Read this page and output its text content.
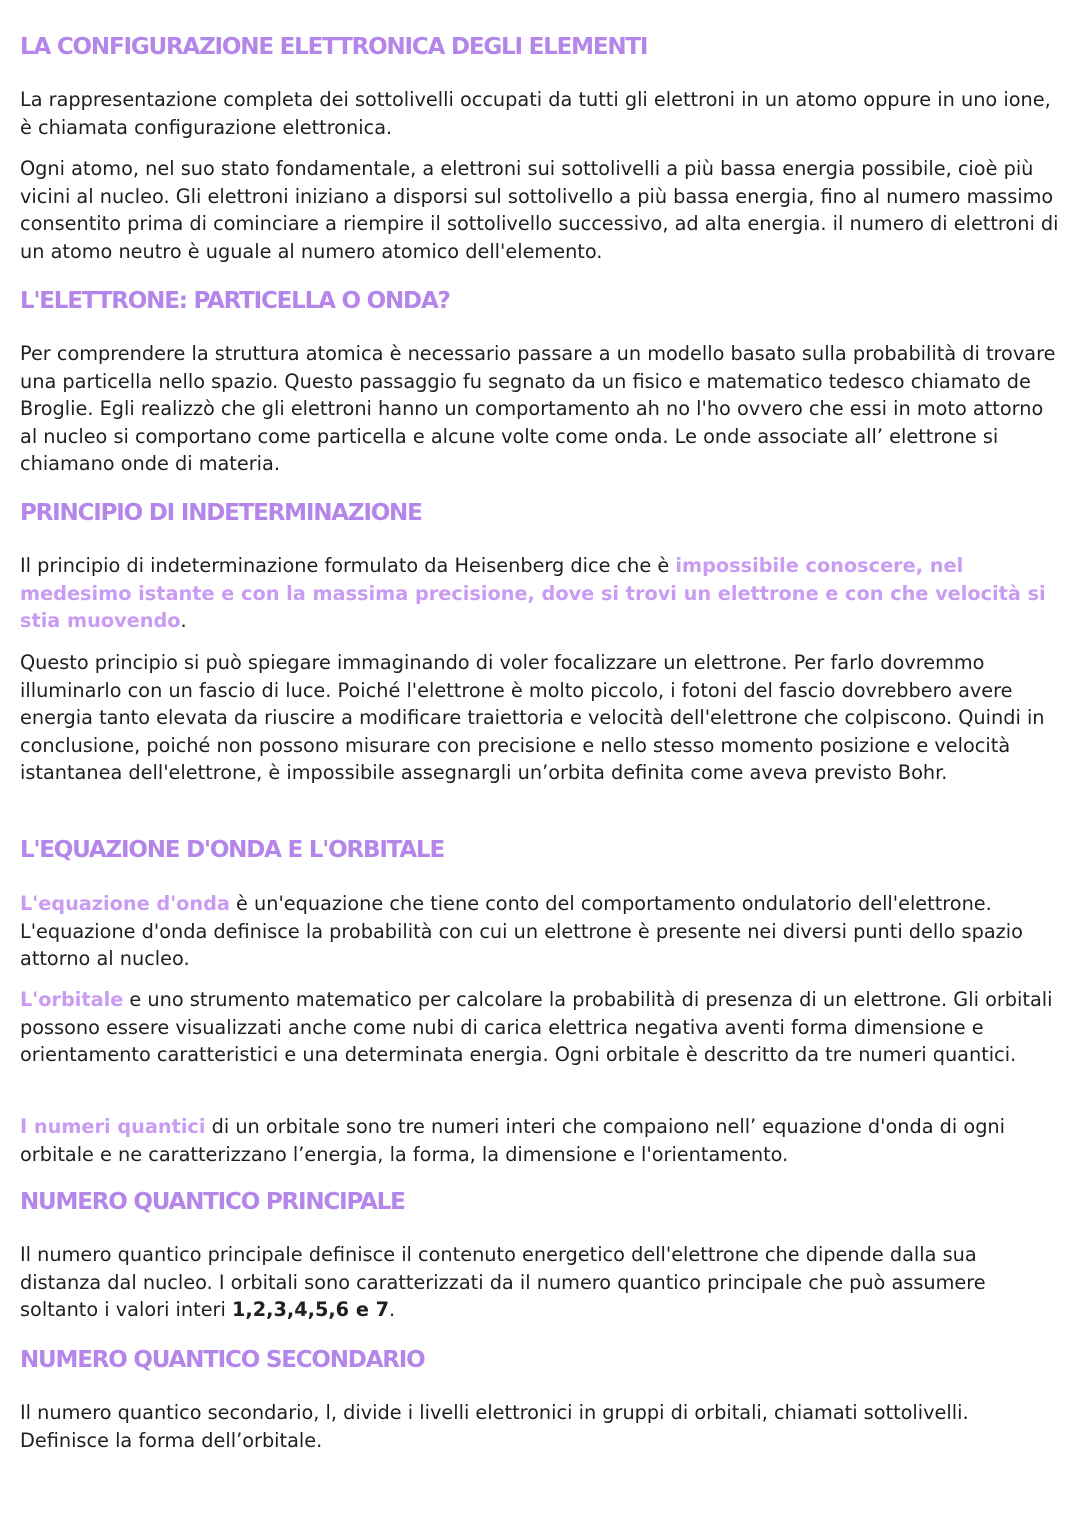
LA CONFIGURAZIONE ELETTRONICA DEGLI ELEMENTI

La rappresentazione completa dei sottolivelli occupati da tutti gli elettroni in un atomo oppure in uno ione, è chiamata configurazione elettronica.

Ogni atomo, nel suo stato fondamentale, a elettroni sui sottolivelli a più bassa energia possibile, cioè più vicini al nucleo. Gli elettroni iniziano a disporsi sul sottolivello a più bassa energia, fino al numero massimo consentito prima di cominciare a riempire il sottolivello successivo, ad alta energia. il numero di elettroni di un atomo neutro è uguale al numero atomico dell'elemento.

L'ELETTRONE: PARTICELLA O ONDA?

Per comprendere la struttura atomica è necessario passare a un modello basato sulla probabilità di trovare una particella nello spazio. Questo passaggio fu segnato da un fisico e matematico tedesco chiamato de Broglie. Egli realizzò che gli elettroni hanno un comportamento ah no l'ho ovvero che essi in moto attorno al nucleo si comportano come particella e alcune volte come onda. Le onde associate all’ elettrone si chiamano onde di materia.

PRINCIPIO DI INDETERMINAZIONE

Il principio di indeterminazione formulato da Heisenberg dice che è impossibile conoscere, nel medesimo istante e con la massima precisione, dove si trovi un elettrone e con che velocità si stia muovendo.

Questo principio si può spiegare immaginando di voler focalizzare un elettrone. Per farlo dovremmo illuminarlo con un fascio di luce. Poiché l'elettrone è molto piccolo, i fotoni del fascio dovrebbero avere energia tanto elevata da riuscire a modificare traiettoria e velocità dell'elettrone che colpiscono. Quindi in conclusione, poiché non possono misurare con precisione e nello stesso momento posizione e velocità istantanea dell'elettrone, è impossibile assegnargli un’orbita definita come aveva previsto Bohr.

L'EQUAZIONE D'ONDA E L'ORBITALE

L'equazione d'onda è un'equazione che tiene conto del comportamento ondulatorio dell'elettrone. L'equazione d'onda definisce la probabilità con cui un elettrone è presente nei diversi punti dello spazio attorno al nucleo.

L'orbitale e uno strumento matematico per calcolare la probabilità di presenza di un elettrone. Gli orbitali possono essere visualizzati anche come nubi di carica elettrica negativa aventi forma dimensione e orientamento caratteristici e una determinata energia. Ogni orbitale è descritto da tre numeri quantici.

I numeri quantici di un orbitale sono tre numeri interi che compaiono nell’ equazione d'onda di ogni orbitale e ne caratterizzano l’energia, la forma, la dimensione e l'orientamento.

NUMERO QUANTICO PRINCIPALE

Il numero quantico principale definisce il contenuto energetico dell'elettrone che dipende dalla sua distanza dal nucleo. I orbitali sono caratterizzati da il numero quantico principale che può assumere soltanto i valori interi 1,2,3,4,5,6 e 7.

NUMERO QUANTICO SECONDARIO

Il numero quantico secondario, l, divide i livelli elettronici in gruppi di orbitali, chiamati sottolivelli. Definisce la forma dell’orbitale.
